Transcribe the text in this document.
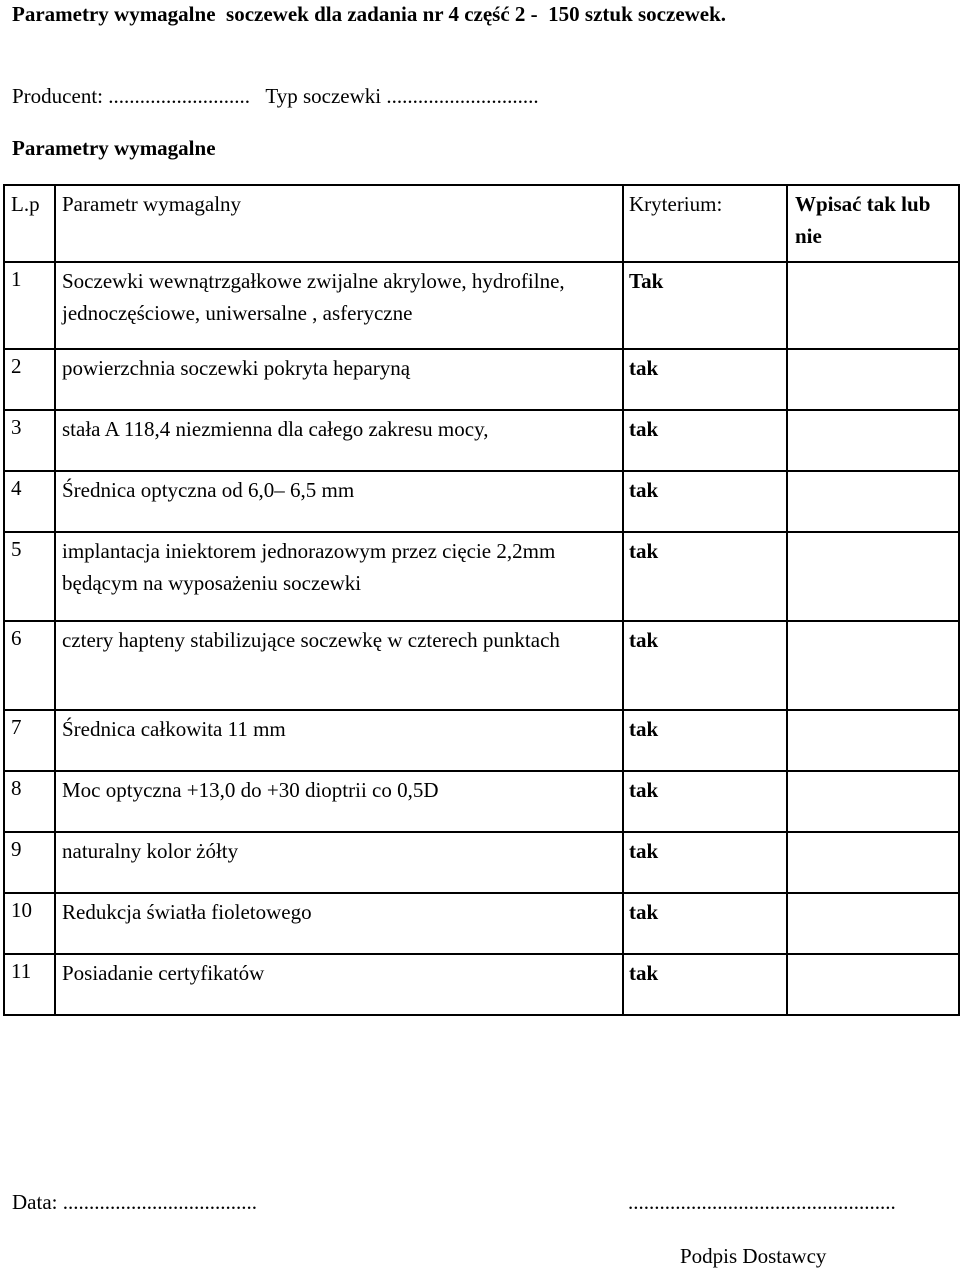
Parametry wymagalne  soczewek dla zadania nr 4 część 2 -  150 sztuk soczewek.
Producent: ...........................   Typ soczewki .............................
Parametry wymagalne
L.p	Parametr wymagalny	Kryterium:	Wpisać tak lub nie
1	Soczewki wewnątrzgałkowe zwijalne akrylowe, hydrofilne, jednoczęściowe, uniwersalne , asferyczne	Tak	
2	powierzchnia soczewki pokryta heparyną	tak	
3	stała A 118,4 niezmienna dla całego zakresu mocy,	tak	
4	Średnica optyczna od 6,0– 6,5 mm	tak	
5	implantacja iniektorem jednorazowym przez cięcie 2,2mm będącym na wyposażeniu soczewki	tak	
6	cztery hapteny stabilizujące soczewkę w czterech punktach	tak	
7	Średnica całkowita 11 mm	tak	
8	Moc optyczna +13,0 do +30 dioptrii co 0,5D	tak	
9	naturalny kolor żółty	tak	
10	Redukcja światła fioletowego	tak	
11	Posiadanie certyfikatów	tak	
Data: .....................................	...................................................
Podpis Dostawcy
